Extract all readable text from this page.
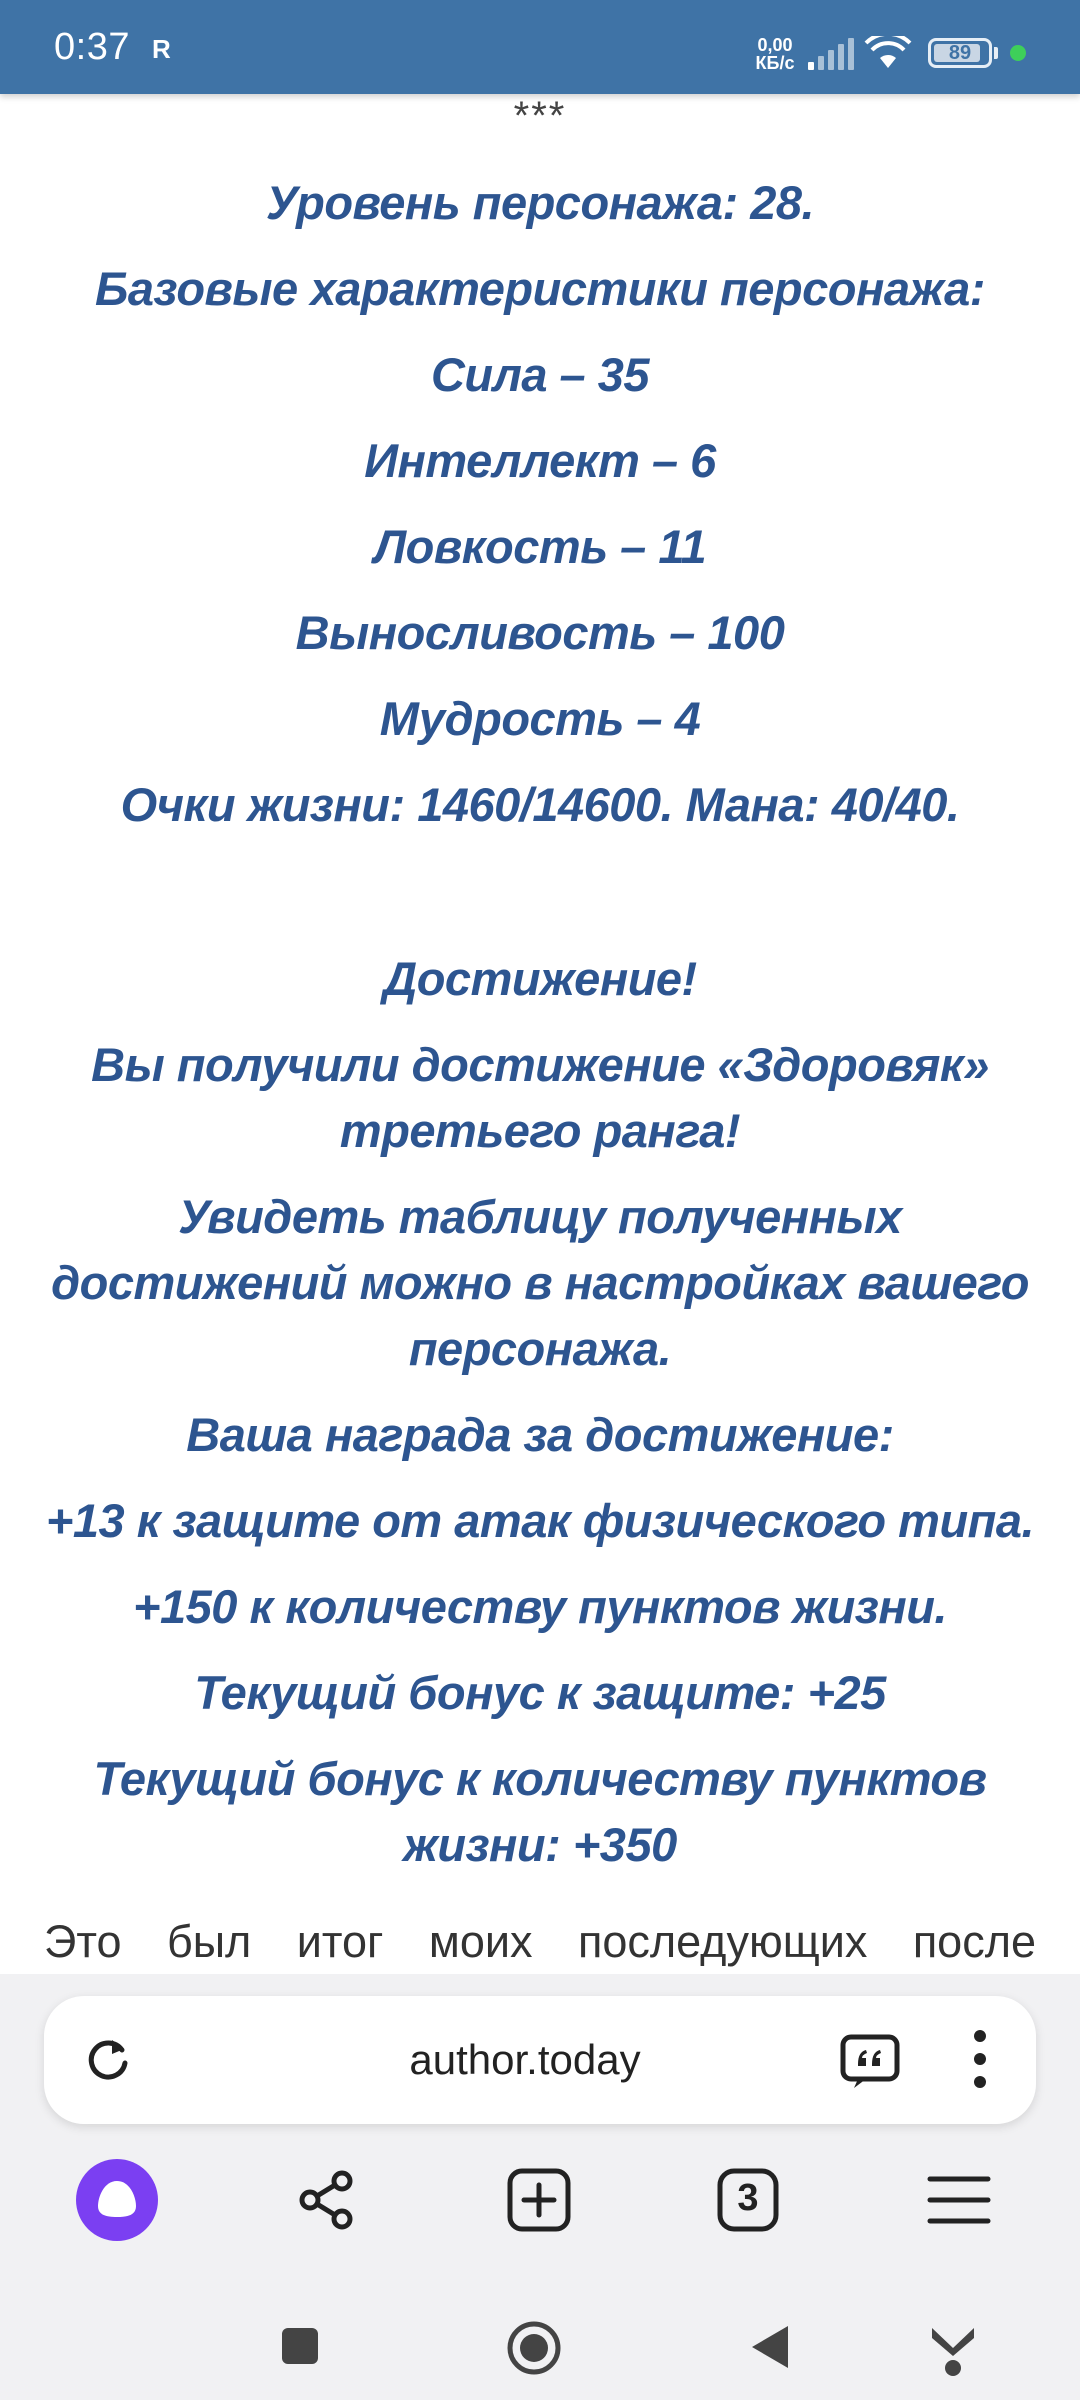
0:37 R	0,00
КБ/с	89
***

Уровень персонажа: 28.

Базовые характеристики персонажа:

Сила – 35

Интеллект – 6

Ловкость – 11

Выносливость – 100

Мудрость – 4

Очки жизни: 1460/14600. Мана: 40/40.

Достижение!

Вы получили достижение «Здоровяк» третьего ранга!

Увидеть таблицу полученных достижений можно в настройках вашего персонажа.

Ваша награда за достижение:

+13 к защите от атак физического типа.

+150 к количеству пунктов жизни.

Текущий бонус к защите: +25

Текущий бонус к количеству пунктов жизни: +350

Это был итог моих последующих после
author.today
3
